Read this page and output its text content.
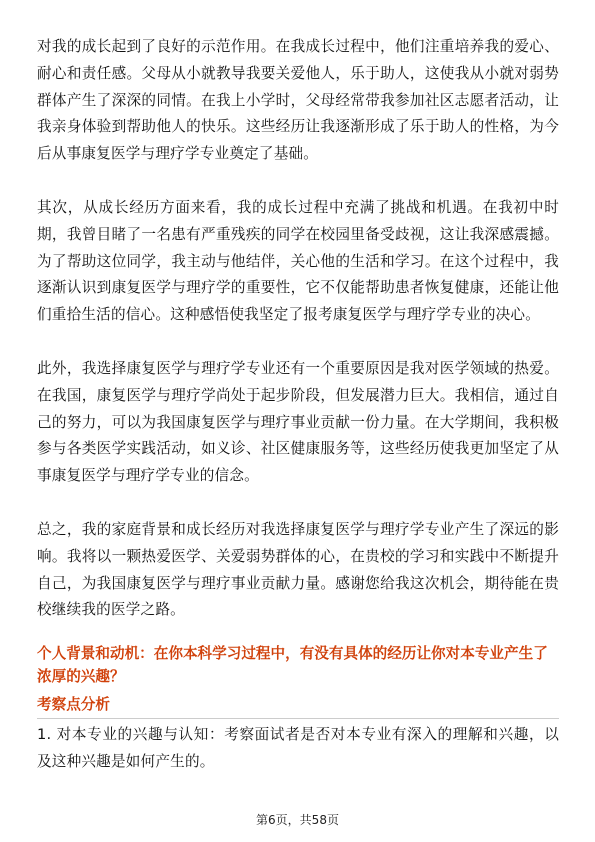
对我的成长起到了良好的示范作用。在我成长过程中，他们注重培养我的爱心、耐心和责任感。父母从小就教导我要关爱他人，乐于助人，这使我从小就对弱势群体产生了深深的同情。在我上小学时，父母经常带我参加社区志愿者活动，让我亲身体验到帮助他人的快乐。这些经历让我逐渐形成了乐于助人的性格，为今后从事康复医学与理疗学专业奠定了基础。

其次，从成长经历方面来看，我的成长过程中充满了挑战和机遇。在我初中时期，我曾目睹了一名患有严重残疾的同学在校园里备受歧视，这让我深感震撼。为了帮助这位同学，我主动与他结伴，关心他的生活和学习。在这个过程中，我逐渐认识到康复医学与理疗学的重要性，它不仅能帮助患者恢复健康，还能让他们重拾生活的信心。这种感悟使我坚定了报考康复医学与理疗学专业的决心。

此外，我选择康复医学与理疗学专业还有一个重要原因是我对医学领域的热爱。在我国，康复医学与理疗学尚处于起步阶段，但发展潜力巨大。我相信，通过自己的努力，可以为我国康复医学与理疗事业贡献一份力量。在大学期间，我积极参与各类医学实践活动，如义诊、社区健康服务等，这些经历使我更加坚定了从事康复医学与理疗学专业的信念。

总之，我的家庭背景和成长经历对我选择康复医学与理疗学专业产生了深远的影响。我将以一颗热爱医学、关爱弱势群体的心，在贵校的学习和实践中不断提升自己，为我国康复医学与理疗事业贡献力量。感谢您给我这次机会，期待能在贵校继续我的医学之路。

个人背景和动机：在你本科学习过程中，有没有具体的经历让你对本专业产生了浓厚的兴趣？

考察点分析

1. 对本专业的兴趣与认知：考察面试者是否对本专业有深入的理解和兴趣，以及这种兴趣是如何产生的。

第6页，共58页
